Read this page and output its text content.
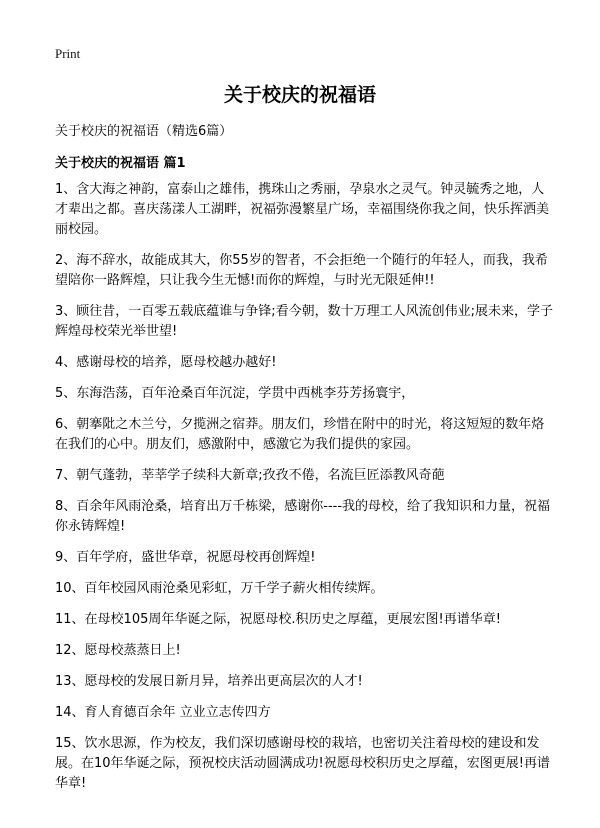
Print
关于校庆的祝福语
关于校庆的祝福语（精选6篇）
关于校庆的祝福语 篇1
1、含大海之神韵，富泰山之雄伟，携珠山之秀丽，孕泉水之灵气。钟灵毓秀之地，人才辈出之都。喜庆荡漾人工湖畔，祝福弥漫繁星广场，幸福围绕你我之间，快乐挥洒美丽校园。
2、海不辞水，故能成其大，你55岁的智者，不会拒绝一个随行的年轻人，而我，我希望陪你一路辉煌，只让我今生无憾!而你的辉煌，与时光无限延伸!!
3、顾往昔，一百零五载底蕴谁与争锋;看今朝，数十万理工人风流创伟业;展未来，学子辉煌母校荣光举世望!
4、感谢母校的培养，愿母校越办越好!
5、东海浩荡，百年沧桑百年沉淀，学贯中西桃李芬芳扬寰宇，
6、朝搴阰之木兰兮，夕揽洲之宿莽。朋友们，珍惜在附中的时光，将这短短的数年烙在我们的心中。朋友们，感激附中，感激它为我们提供的家园。
7、朝气蓬勃，莘莘学子续科大新章;孜孜不倦，名流巨匠添教风奇葩
8、百余年风雨沧桑，培育出万千栋梁，感谢你----我的母校，给了我知识和力量，祝福你永铸辉煌!
9、百年学府，盛世华章，祝愿母校再创辉煌!
10、百年校园风雨沧桑见彩虹，万千学子薪火相传续辉。
11、在母校105周年华诞之际，祝愿母校.积历史之厚蕴，更展宏图!再谱华章!
12、愿母校蒸蒸日上!
13、愿母校的发展日新月异，培养出更高层次的人才!
14、育人育德百余年 立业立志传四方
15、饮水思源，作为校友，我们深切感谢母校的栽培，也密切关注着母校的建设和发展。在10年华诞之际，预祝校庆活动圆满成功!祝愿母校积历史之厚蕴，宏图更展!再谱华章!
